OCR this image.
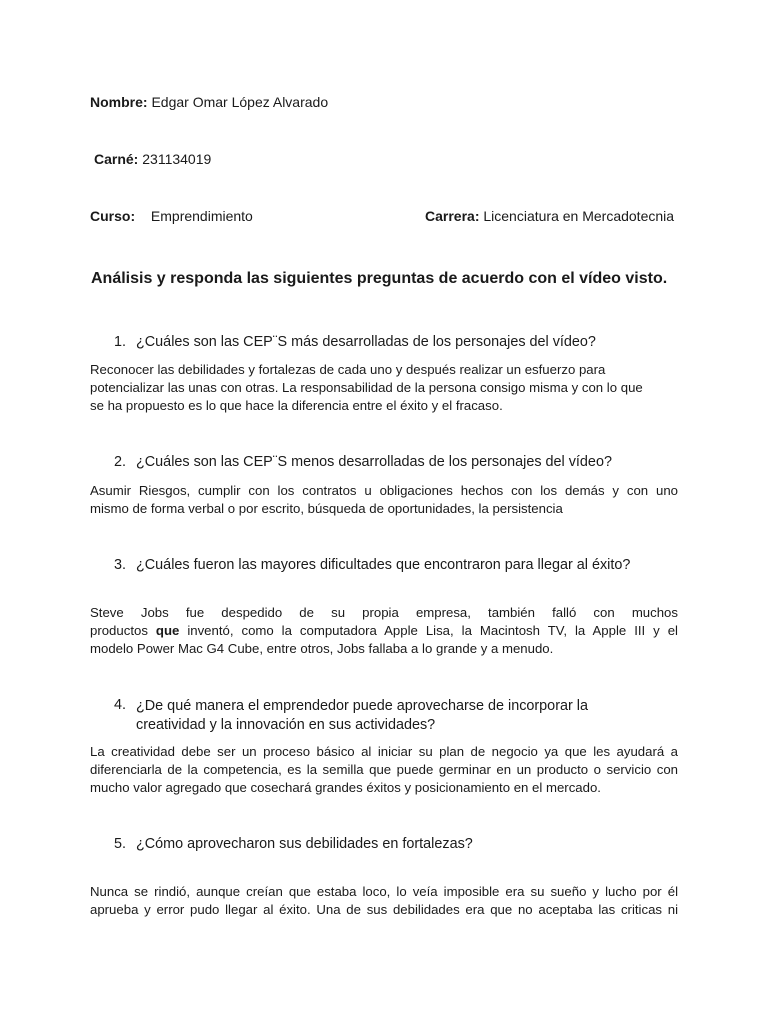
Nombre: Edgar Omar López Alvarado
Carné: 231134019
Curso: Emprendimiento	Carrera: Licenciatura en Mercadotecnia
Análisis y responda las siguientes preguntas de acuerdo con el vídeo visto.
1. ¿Cuáles son las CEP¨S más desarrolladas de los personajes del vídeo?
Reconocer las debilidades y fortalezas de cada uno y después realizar un esfuerzo para
potencializar las unas con otras. La responsabilidad de la persona consigo misma y con lo que
se ha propuesto es lo que hace la diferencia entre el éxito y el fracaso.
2. ¿Cuáles son las CEP¨S menos desarrolladas de los personajes del vídeo?
Asumir Riesgos, cumplir con los contratos u obligaciones hechos con los demás y con uno
mismo de forma verbal o por escrito, búsqueda de oportunidades, la persistencia
3. ¿Cuáles fueron las mayores dificultades que encontraron para llegar al éxito?
Steve Jobs fue despedido de su propia empresa, también falló con muchos
productos que inventó, como la computadora Apple Lisa, la Macintosh TV, la Apple III y el
modelo Power Mac G4 Cube, entre otros, Jobs fallaba a lo grande y a menudo.
4. ¿De qué manera el emprendedor puede aprovecharse de incorporar la
creatividad y la innovación en sus actividades?
La creatividad debe ser un proceso básico al iniciar su plan de negocio ya que les ayudará a
diferenciarla de la competencia, es la semilla que puede germinar en un producto o servicio con
mucho valor agregado que cosechará grandes éxitos y posicionamiento en el mercado.
5. ¿Cómo aprovecharon sus debilidades en fortalezas?
Nunca se rindió, aunque creían que estaba loco, lo veía imposible era su sueño y lucho por él
aprueba y error pudo llegar al éxito. Una de sus debilidades era que no aceptaba las criticas ni
